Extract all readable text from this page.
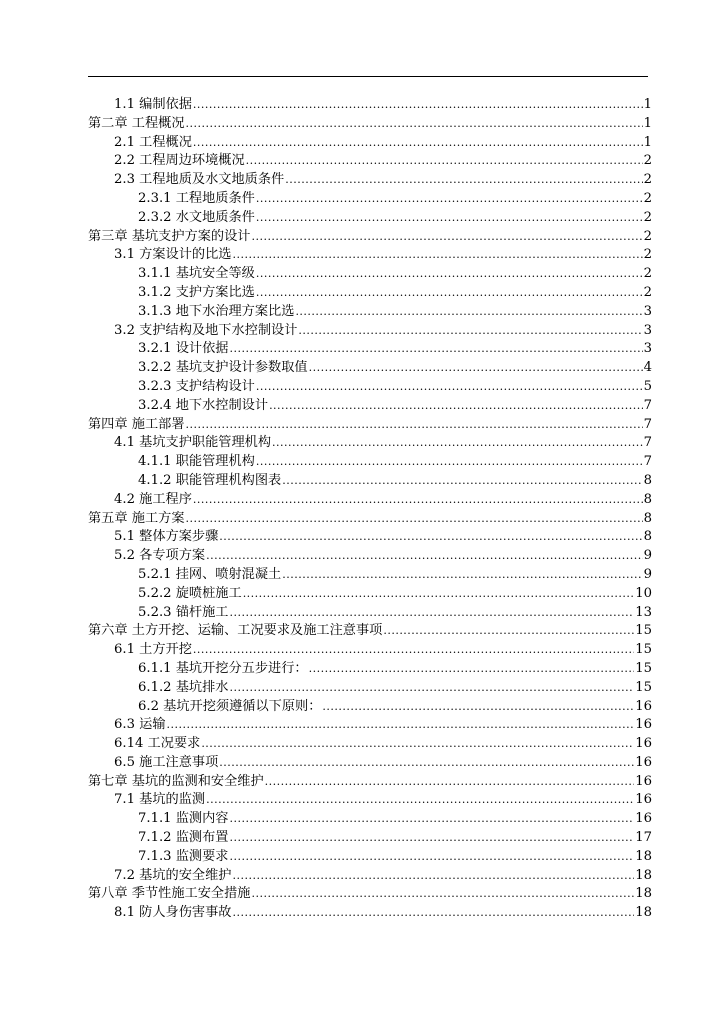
1.1 编制依据 .....	1
第二章 工程概况 .....	1
2.1 工程概况 .....	1
2.2 工程周边环境概况 .....	2
2.3 工程地质及水文地质条件 .....	2
2.3.1 工程地质条件 .....	2
2.3.2 水文地质条件 .....	2
第三章 基坑支护方案的设计 .....	2
3.1 方案设计的比选 .....	2
3.1.1 基坑安全等级 .....	2
3.1.2 支护方案比选 .....	2
3.1.3 地下水治理方案比选 .....	3
3.2 支护结构及地下水控制设计 .....	3
3.2.1 设计依据 .....	3
3.2.2 基坑支护设计参数取值 .....	4
3.2.3 支护结构设计 .....	5
3.2.4 地下水控制设计 .....	7
第四章 施工部署 .....	7
4.1 基坑支护职能管理机构 .....	7
4.1.1 职能管理机构 .....	7
4.1.2 职能管理机构图表 .....	8
4.2 施工程序 .....	8
第五章 施工方案 .....	8
5.1 整体方案步骤 .....	8
5.2 各专项方案 .....	9
5.2.1 挂网、喷射混凝土 .....	9
5.2.2 旋喷桩施工 .....	10
5.2.3 锚杆施工 .....	13
第六章 土方开挖、运输、工况要求及施工注意事项 .....	15
6.1 土方开挖 .....	15
6.1.1 基坑开挖分五步进行： .....	15
6.1.2 基坑排水 .....	15
6.2 基坑开挖须遵循以下原则： .....	16
6.3 运输 .....	16
6.14 工况要求 .....	16
6.5 施工注意事项 .....	16
第七章 基坑的监测和安全维护 .....	16
7.1 基坑的监测 .....	16
7.1.1 监测内容 .....	16
7.1.2 监测布置 .....	17
7.1.3 监测要求 .....	18
7.2 基坑的安全维护 .....	18
第八章 季节性施工安全措施 .....	18
8.1 防人身伤害事故 .....	18
